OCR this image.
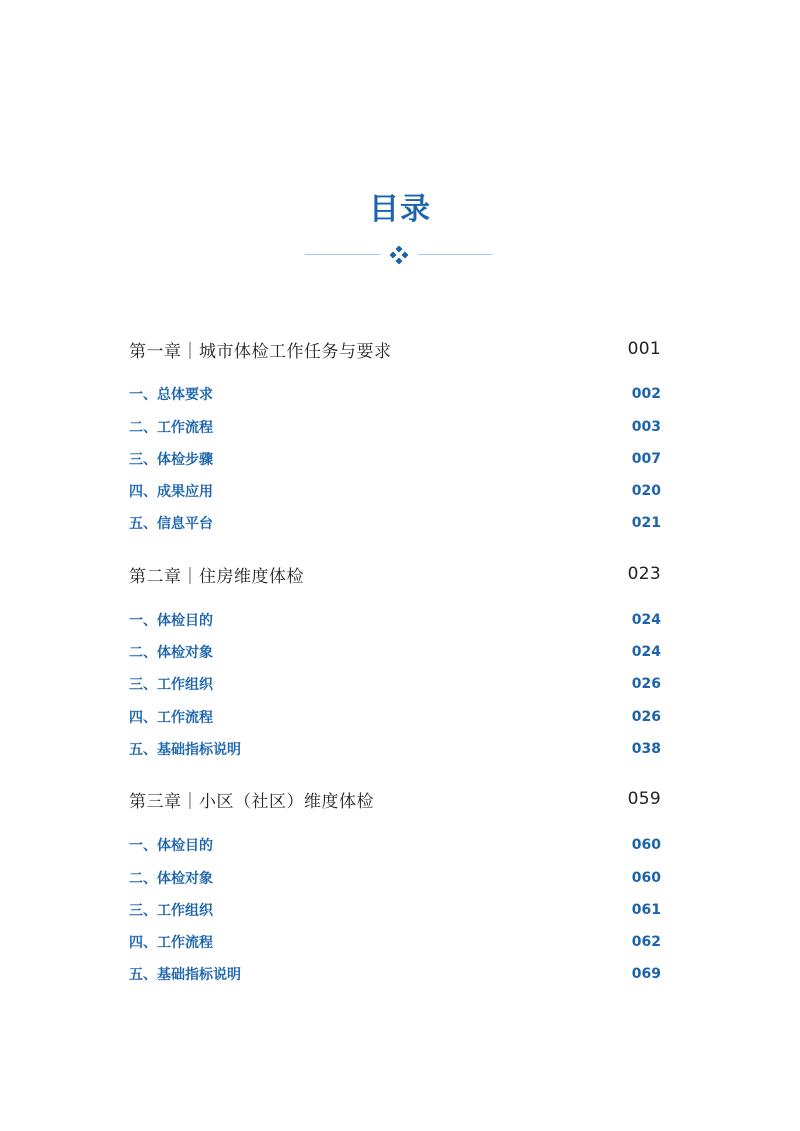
目录
第一章｜城市体检工作任务与要求	001
一、总体要求	002
二、工作流程	003
三、体检步骤	007
四、成果应用	020
五、信息平台	021
第二章｜住房维度体检	023
一、体检目的	024
二、体检对象	024
三、工作组织	026
四、工作流程	026
五、基础指标说明	038
第三章｜小区（社区）维度体检	059
一、体检目的	060
二、体检对象	060
三、工作组织	061
四、工作流程	062
五、基础指标说明	069
